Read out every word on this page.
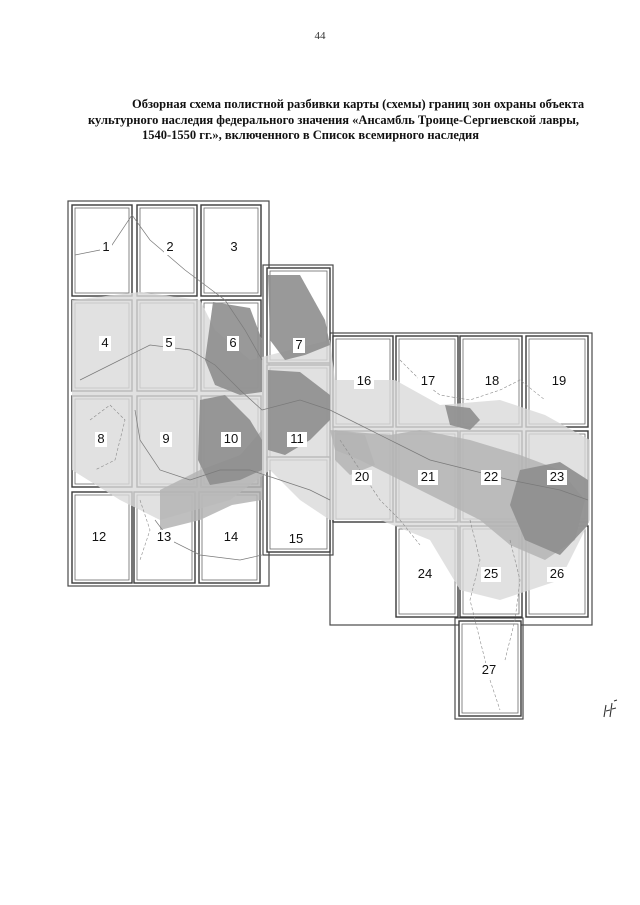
44
Обзорная схема полистной разбивки карты (схемы) границ зон охраны объекта
культурного наследия федерального значения «Ансамбль Троице-Сергиевской лавры,
1540-1550 гг.», включенного в Список всемирного наследия
1	2	3
4	5	6	7
8	9	10	11
12	13	14	15
16	17	18	19
20	21	22	23
24	25	26
27
